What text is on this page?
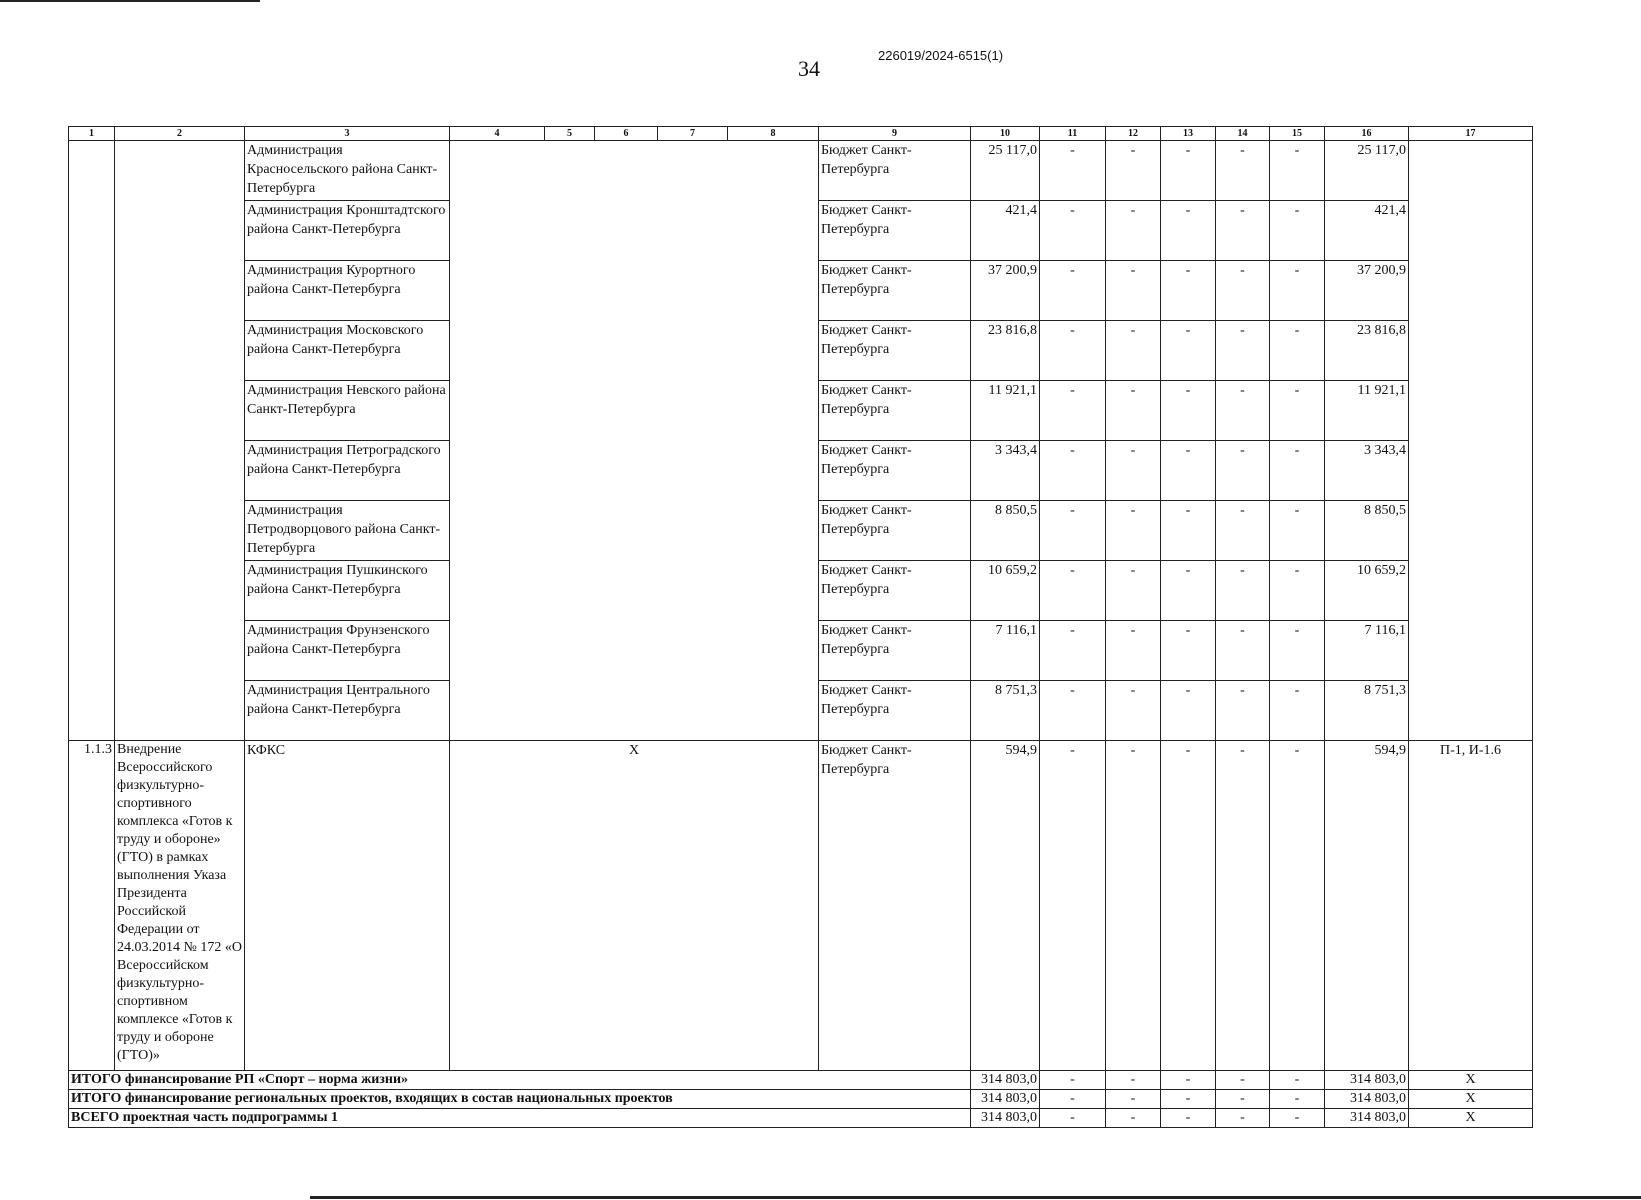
34
226019/2024-6515(1)
1	2	3	4	5	6	7	8	9	10	11	12	13	14	15	16	17
		Администрация Красносельского района Санкт-Петербурга						Бюджет Санкт-Петербурга	25 117,0	-	-	-	-	-	25 117,0	
		Администрация Кронштадтского района Санкт-Петербурга						Бюджет Санкт-Петербурга	421,4	-	-	-	-	-	421,4	
		Администрация Курортного района Санкт-Петербурга						Бюджет Санкт-Петербурга	37 200,9	-	-	-	-	-	37 200,9	
		Администрация Московского района Санкт-Петербурга						Бюджет Санкт-Петербурга	23 816,8	-	-	-	-	-	23 816,8	
		Администрация Невского района Санкт-Петербурга						Бюджет Санкт-Петербурга	11 921,1	-	-	-	-	-	11 921,1	
		Администрация Петроградского района Санкт-Петербурга						Бюджет Санкт-Петербурга	3 343,4	-	-	-	-	-	3 343,4	
		Администрация Петродворцового района Санкт-Петербурга						Бюджет Санкт-Петербурга	8 850,5	-	-	-	-	-	8 850,5	
		Администрация Пушкинского района Санкт-Петербурга						Бюджет Санкт-Петербурга	10 659,2	-	-	-	-	-	10 659,2	
		Администрация Фрунзенского района Санкт-Петербурга						Бюджет Санкт-Петербурга	7 116,1	-	-	-	-	-	7 116,1	
		Администрация Центрального района Санкт-Петербурга						Бюджет Санкт-Петербурга	8 751,3	-	-	-	-	-	8 751,3	
1.1.3	Внедрение Всероссийского физкультурно-спортивного комплекса «Готов к труду и обороне» (ГТО) в рамках выполнения Указа Президента Российской Федерации от 24.03.2014 № 172 «О Всероссийском физкультурно-спортивном комплексе «Готов к труду и обороне (ГТО)»	КФКС	X					Бюджет Санкт-Петербурга	594,9	-	-	-	-	-	594,9	П-1, И-1.6
ИТОГО финансирование РП «Спорт – норма жизни»									314 803,0	-	-	-	-	-	314 803,0	X
ИТОГО финансирование региональных проектов, входящих в состав национальных проектов									314 803,0	-	-	-	-	-	314 803,0	X
ВСЕГО проектная часть подпрограммы 1									314 803,0	-	-	-	-	-	314 803,0	X
